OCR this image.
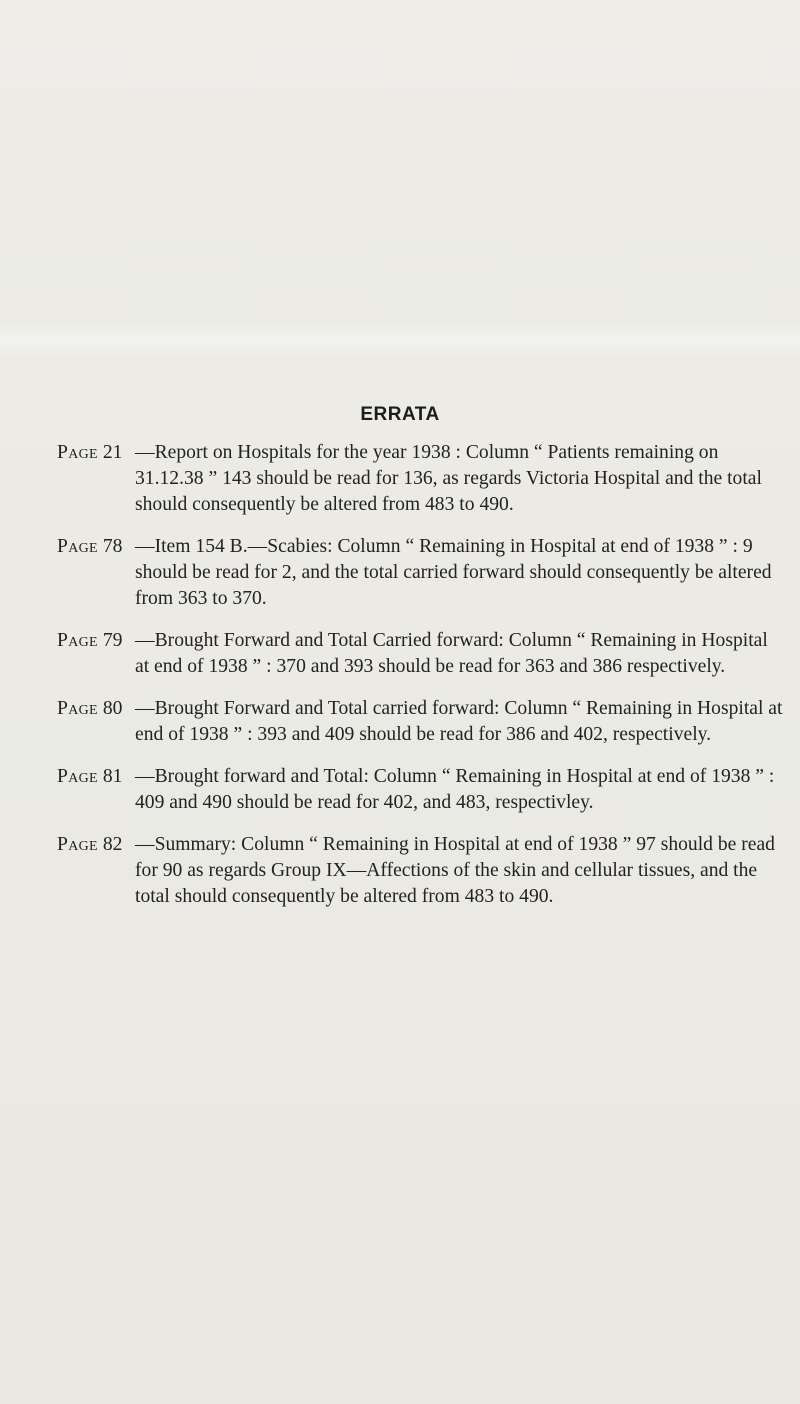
ERRATA
Page 21 —Report on Hospitals for the year 1938 : Column “ Patients remaining on 31.12.38 ” 143 should be read for 136, as regards Victoria Hospital and the total should consequently be altered from 483 to 490.
Page 78 —Item 154 B.—Scabies: Column “ Remaining in Hospital at end of 1938 ” : 9 should be read for 2, and the total carried forward should consequently be altered from 363 to 370.
Page 79 —Brought Forward and Total Carried forward: Column “ Remaining in Hospital at end of 1938 ” : 370 and 393 should be read for 363 and 386 respectively.
Page 80 —Brought Forward and Total carried forward: Column “ Remaining in Hospital at end of 1938 ” : 393 and 409 should be read for 386 and 402, respectively.
Page 81 —Brought forward and Total: Column “ Remaining in Hospital at end of 1938 ” : 409 and 490 should be read for 402, and 483, respectivley.
Page 82 —Summary: Column “ Remaining in Hospital at end of 1938 ” 97 should be read for 90 as regards Group IX—Affections of the skin and cellular tissues, and the total should consequently be altered from 483 to 490.
